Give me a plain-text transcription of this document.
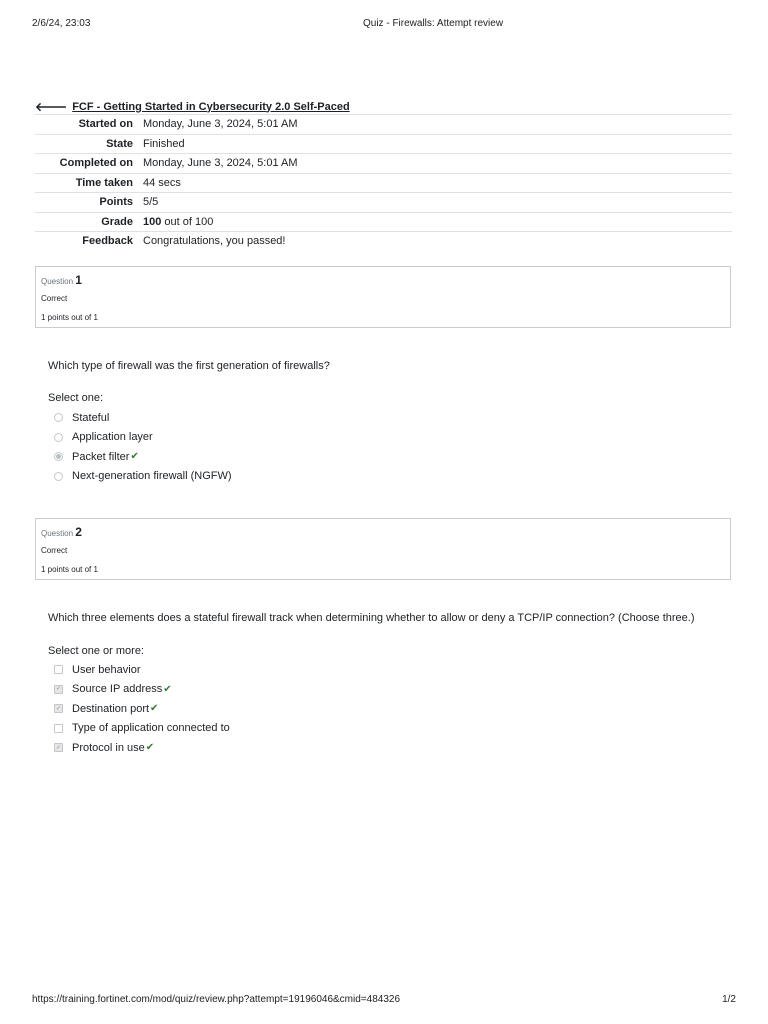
2/6/24, 23:03	Quiz - Firewalls: Attempt review
🡐 FCF - Getting Started in Cybersecurity 2.0 Self-Paced
Started on	Monday, June 3, 2024, 5:01 AM
State	Finished
Completed on	Monday, June 3, 2024, 5:01 AM
Time taken	44 secs
Points	5/5
Grade	100 out of 100
Feedback	Congratulations, you passed!
Question 1
Correct
1 points out of 1
Which type of firewall was the first generation of firewalls?
Select one:
Stateful
Application layer
Packet filter ✔
Next-generation firewall (NGFW)
Question 2
Correct
1 points out of 1
Which three elements does a stateful firewall track when determining whether to allow or deny a TCP/IP connection? (Choose three.)
Select one or more:
User behavior
✓ Source IP address ✔
✓ Destination port ✔
Type of application connected to
✓ Protocol in use ✔
https://training.fortinet.com/mod/quiz/review.php?attempt=19196046&cmid=484326	1/2
